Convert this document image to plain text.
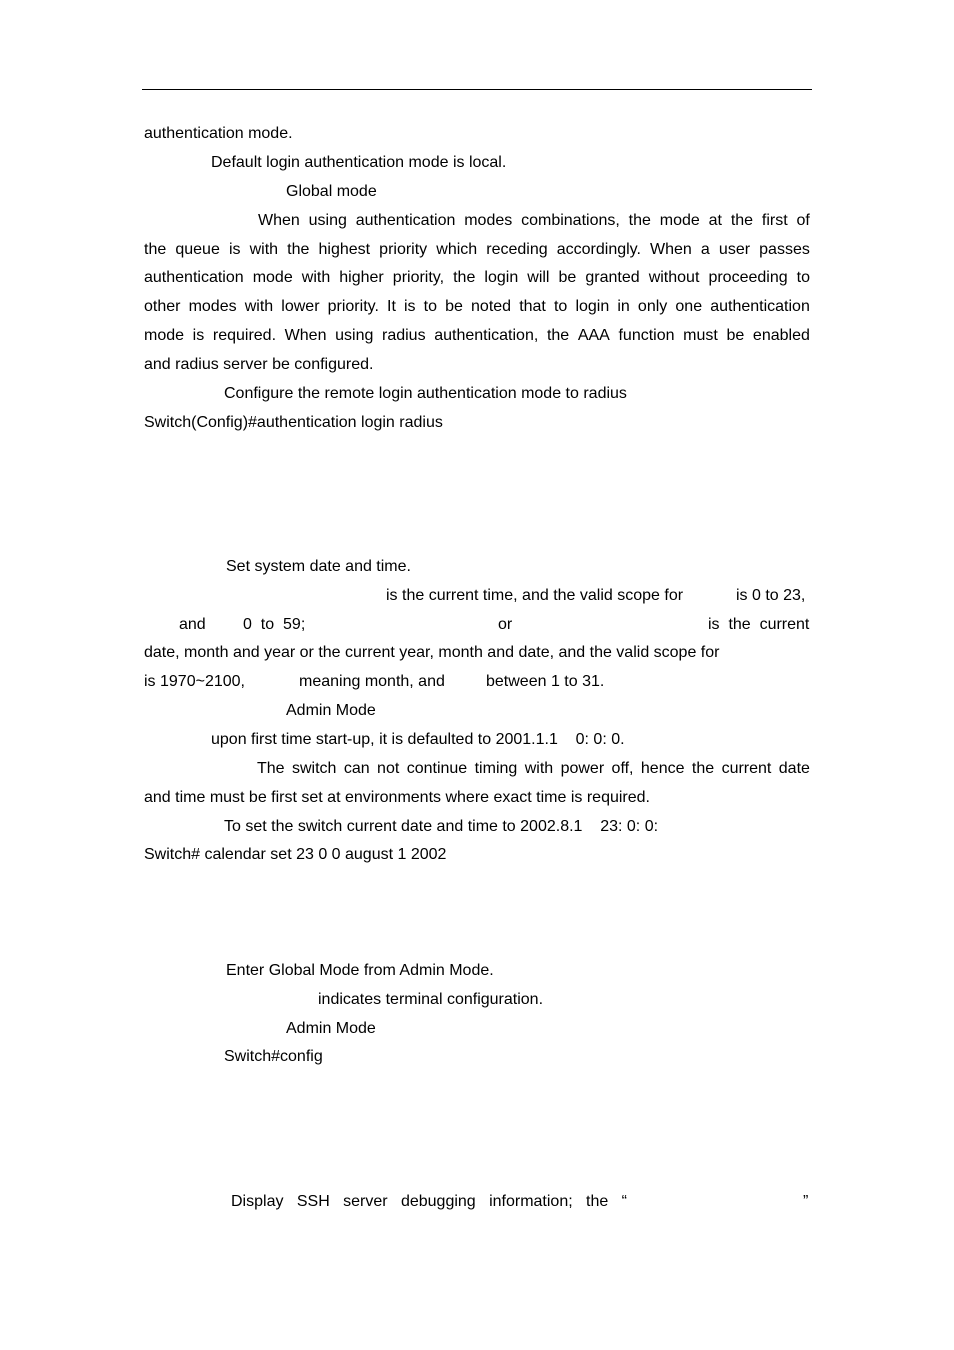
authentication mode.
Default login authentication mode is local.
Global mode
When using authentication modes combinations, the mode at the first of
the queue is with the highest priority which receding accordingly. When a user passes
authentication mode with higher priority, the login will be granted without proceeding to
other modes with lower priority. It is to be noted that to login in only one authentication
mode is required. When using radius authentication, the AAA function must be enabled
and radius server be configured.
Configure the remote login authentication mode to radius
Switch(Config)#authentication login radius
Set system date and time.
is the current time, and the valid scope for	is 0 to 23,
and 0  to  59;	or	is  the  current
date, month and year or the current year, month and date, and the valid scope for
is 1970~2100,	meaning month, and	between 1 to 31.
Admin Mode
upon first time start-up, it is defaulted to 2001.1.1    0: 0: 0.
The switch can not continue timing with power off, hence the current date
and time must be first set at environments where exact time is required.
To set the switch current date and time to 2002.8.1    23: 0: 0:
Switch# calendar set 23 0 0 august 1 2002
Enter Global Mode from Admin Mode.
indicates terminal configuration.
Admin Mode
Switch#config
Display SSH server debugging information; the “	”
